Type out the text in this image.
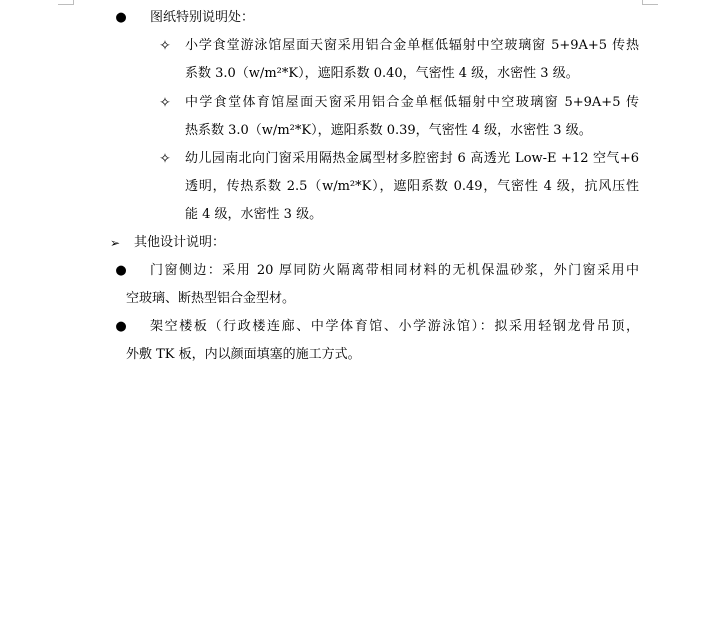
● 图纸特别说明处：
✧ 小学食堂游泳馆屋面天窗采用铝合金单框低辐射中空玻璃窗 5+9A+5 传热
系数 3.0（w/m²*K），遮阳系数 0.40，气密性 4 级，水密性 3 级。
✧ 中学食堂体育馆屋面天窗采用铝合金单框低辐射中空玻璃窗 5+9A+5 传
热系数 3.0（w/m²*K），遮阳系数 0.39，气密性 4 级，水密性 3 级。
✧ 幼儿园南北向门窗采用隔热金属型材多腔密封 6 高透光 Low-E +12 空气+6
透明，传热系数 2.5（w/m²*K），遮阳系数 0.49，气密性 4 级，抗风压性
能 4 级，水密性 3 级。
➢ 其他设计说明：
● 门窗侧边：采用 20 厚同防火隔离带相同材料的无机保温砂浆，外门窗采用中
空玻璃、断热型铝合金型材。
● 架空楼板（行政楼连廊、中学体育馆、小学游泳馆）：拟采用轻钢龙骨吊顶，
外敷 TK 板，内以颜面填塞的施工方式。
